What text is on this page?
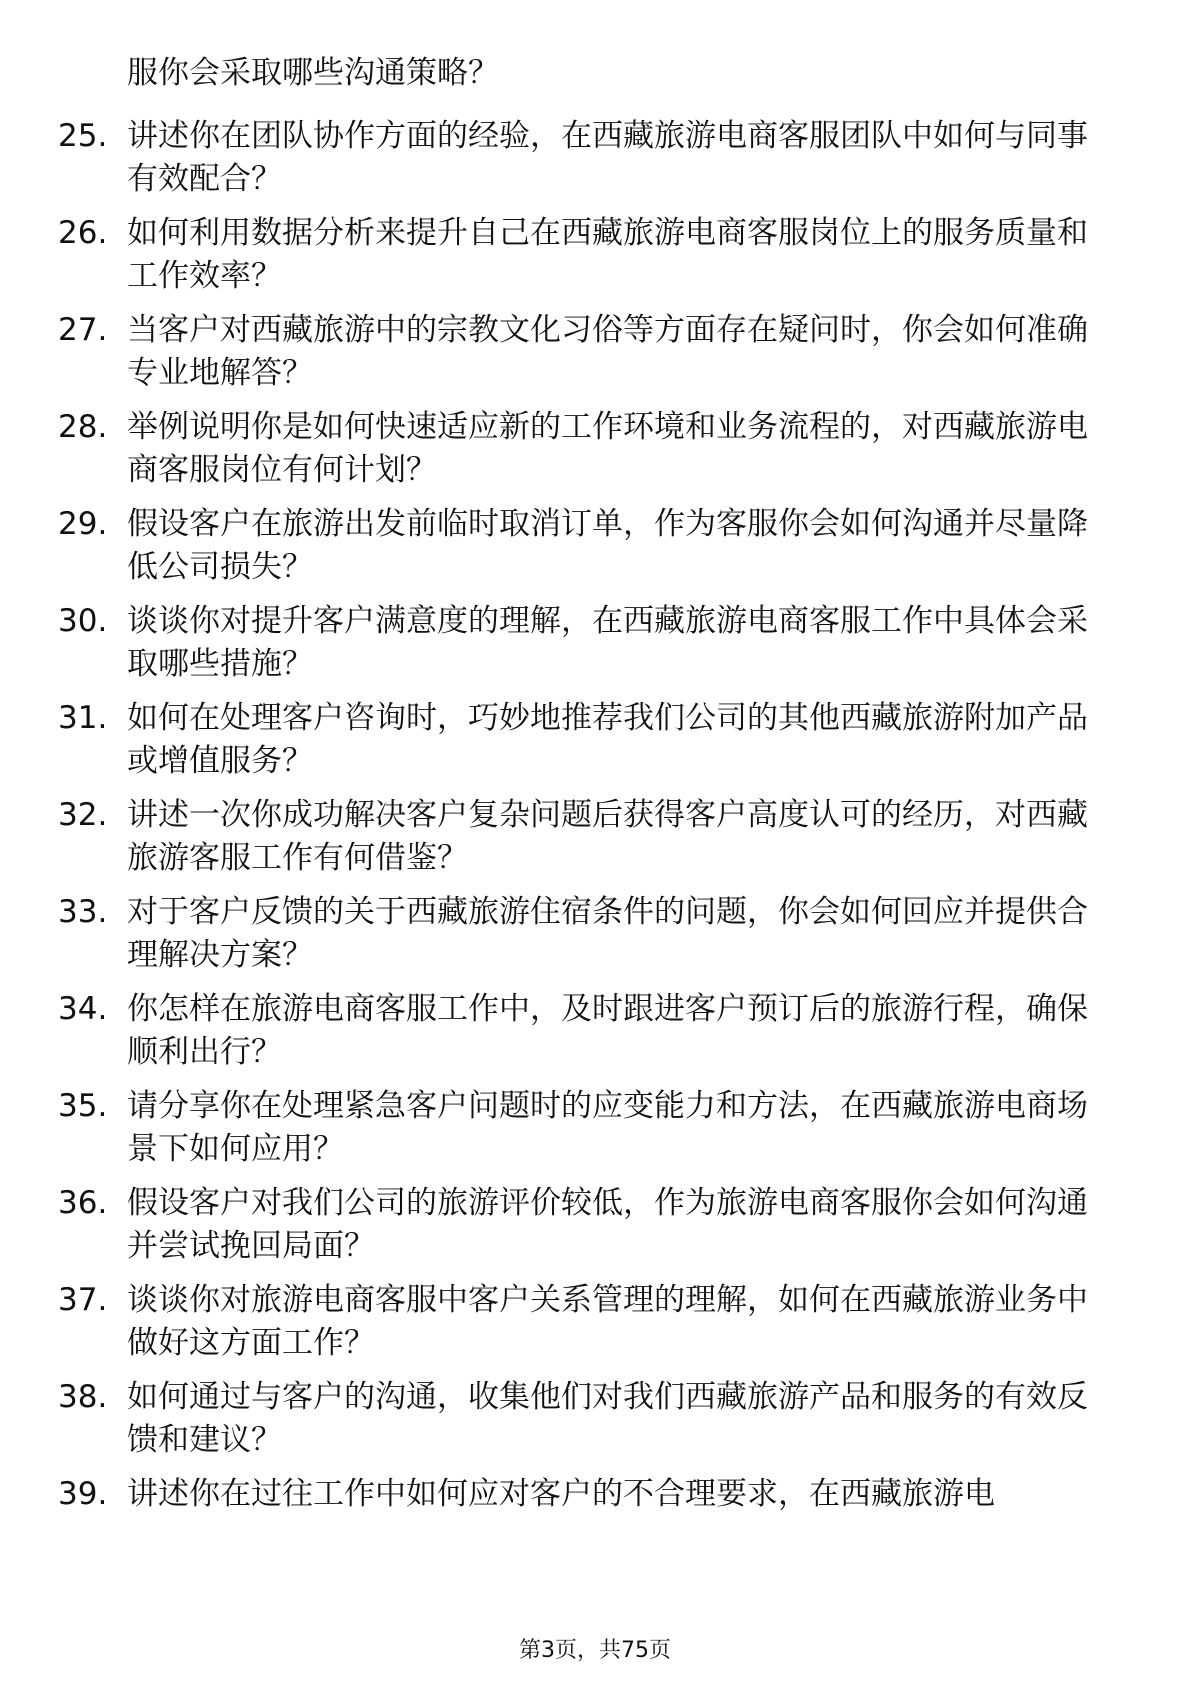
服你会采取哪些沟通策略？
25. 讲述你在团队协作方面的经验，在西藏旅游电商客服团队中如何与同事有效配合？
26. 如何利用数据分析来提升自己在西藏旅游电商客服岗位上的服务质量和工作效率？
27. 当客户对西藏旅游中的宗教文化习俗等方面存在疑问时，你会如何准确专业地解答？
28. 举例说明你是如何快速适应新的工作环境和业务流程的，对西藏旅游电商客服岗位有何计划？
29. 假设客户在旅游出发前临时取消订单，作为客服你会如何沟通并尽量降低公司损失？
30. 谈谈你对提升客户满意度的理解，在西藏旅游电商客服工作中具体会采取哪些措施？
31. 如何在处理客户咨询时，巧妙地推荐我们公司的其他西藏旅游附加产品或增值服务？
32. 讲述一次你成功解决客户复杂问题后获得客户高度认可的经历，对西藏旅游客服工作有何借鉴？
33. 对于客户反馈的关于西藏旅游住宿条件的问题，你会如何回应并提供合理解决方案？
34. 你怎样在旅游电商客服工作中，及时跟进客户预订后的旅游行程，确保顺利出行？
35. 请分享你在处理紧急客户问题时的应变能力和方法，在西藏旅游电商场景下如何应用？
36. 假设客户对我们公司的旅游评价较低，作为旅游电商客服你会如何沟通并尝试挽回局面？
37. 谈谈你对旅游电商客服中客户关系管理的理解，如何在西藏旅游业务中做好这方面工作？
38. 如何通过与客户的沟通，收集他们对我们西藏旅游产品和服务的有效反馈和建议？
39. 讲述你在过往工作中如何应对客户的不合理要求，在西藏旅游电
第3页，共75页
